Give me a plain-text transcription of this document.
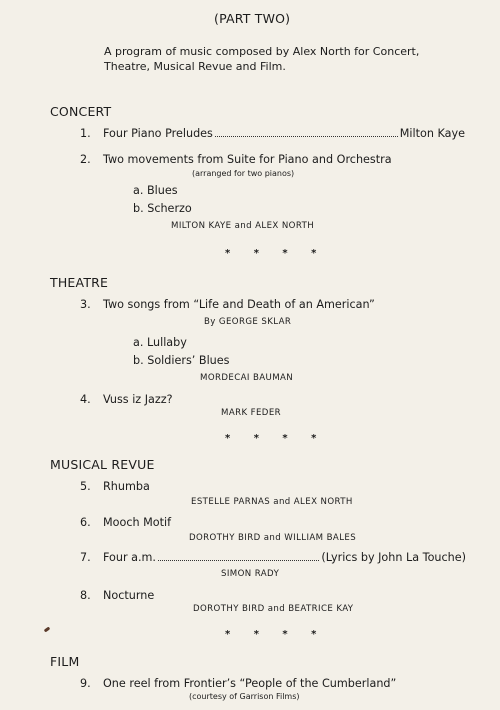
(PART TWO)
A program of music composed by Alex North for Concert, Theatre, Musical Revue and Film.
CONCERT
1. Four Piano Preludes	Milton Kaye
2. Two movements from Suite for Piano and Orchestra
(arranged for two pianos)
a. Blues
b. Scherzo
MILTON KAYE and ALEX NORTH
* * * *
THEATRE
3. Two songs from “Life and Death of an American”
By GEORGE SKLAR
a. Lullaby
b. Soldiers’ Blues
MORDECAI BAUMAN
4. Vuss iz Jazz?
MARK FEDER
* * * *
MUSICAL REVUE
5. Rhumba
ESTELLE PARNAS and ALEX NORTH
6. Mooch Motif
DOROTHY BIRD and WILLIAM BALES
7. Four a.m.	(Lyrics by John La Touche)
SIMON RADY
8. Nocturne
DOROTHY BIRD and BEATRICE KAY
* * * *
FILM
9. One reel from Frontier’s “People of the Cumberland”
(courtesy of Garrison Films)
